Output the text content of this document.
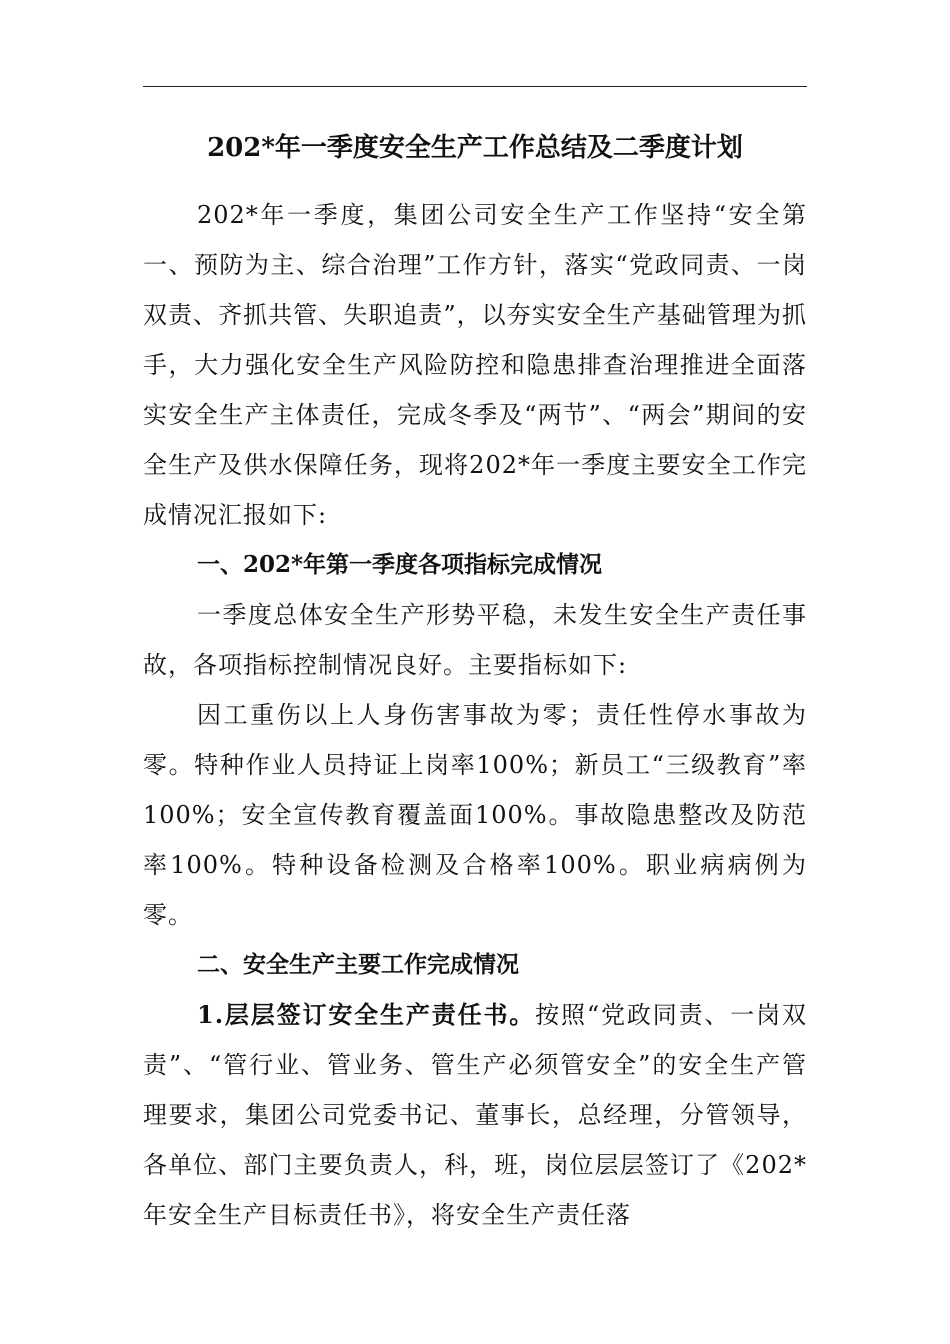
202*年一季度安全生产工作总结及二季度计划

202*年一季度，集团公司安全生产工作坚持“安全第一、预防为主、综合治理”工作方针，落实“党政同责、一岗双责、齐抓共管、失职追责”，以夯实安全生产基础管理为抓手，大力强化安全生产风险防控和隐患排查治理推进全面落实安全生产主体责任，完成冬季及“两节”、“两会”期间的安全生产及供水保障任务，现将202*年一季度主要安全工作完成情况汇报如下:

一、202*年第一季度各项指标完成情况

一季度总体安全生产形势平稳，未发生安全生产责任事故，各项指标控制情况良好。主要指标如下:

因工重伤以上人身伤害事故为零；责任性停水事故为零。特种作业人员持证上岗率100%；新员工“三级教育”率100%；安全宣传教育覆盖面100%。事故隐患整改及防范率100%。特种设备检测及合格率100%。职业病病例为零。

二、安全生产主要工作完成情况

1.层层签订安全生产责任书。按照“党政同责、一岗双责”、“管行业、管业务、管生产必须管安全”的安全生产管理要求，集团公司党委书记、董事长，总经理，分管领导，各单位、部门主要负责人，科，班，岗位层层签订了《202*年安全生产目标责任书》，将安全生产责任落
